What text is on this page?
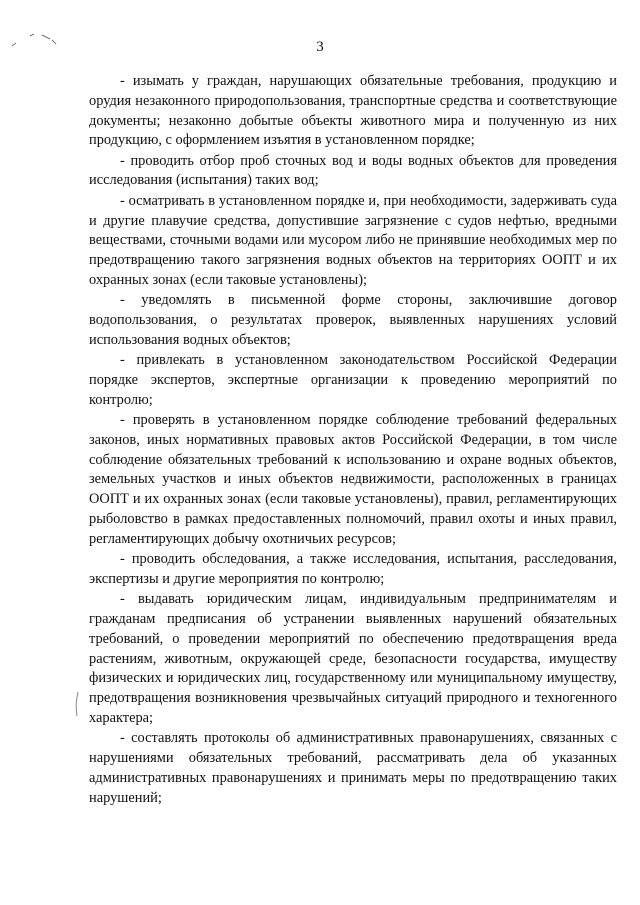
3

- изымать у граждан, нарушающих обязательные требования, продукцию и орудия незаконного природопользования, транспортные средства и соответствующие документы; незаконно добытые объекты животного мира и полученную из них продукцию, с оформлением изъятия в установленном порядке;

- проводить отбор проб сточных вод и воды водных объектов для проведения исследования (испытания) таких вод;

- осматривать в установленном порядке и, при необходимости, задерживать суда и другие плавучие средства, допустившие загрязнение с судов нефтью, вредными веществами, сточными водами или мусором либо не принявшие необходимых мер по предотвращению такого загрязнения водных объектов на территориях ООПТ и их охранных зонах (если таковые установлены);

- уведомлять в письменной форме стороны, заключившие договор водопользования, о результатах проверок, выявленных нарушениях условий использования водных объектов;

- привлекать в установленном законодательством Российской Федерации порядке экспертов, экспертные организации к проведению мероприятий по контролю;

- проверять в установленном порядке соблюдение требований федеральных законов, иных нормативных правовых актов Российской Федерации, в том числе соблюдение обязательных требований к использованию и охране водных объектов, земельных участков и иных объектов недвижимости, расположенных в границах ООПТ и их охранных зонах (если таковые установлены), правил, регламентирующих рыболовство в рамках предоставленных полномочий, правил охоты и иных правил, регламентирующих добычу охотничьих ресурсов;

- проводить обследования, а также исследования, испытания, расследования, экспертизы и другие мероприятия по контролю;

- выдавать юридическим лицам, индивидуальным предпринимателям и гражданам предписания об устранении выявленных нарушений обязательных требований, о проведении мероприятий по обеспечению предотвращения вреда растениям, животным, окружающей среде, безопасности государства, имуществу физических и юридических лиц, государственному или муниципальному имуществу, предотвращения возникновения чрезвычайных ситуаций природного и техногенного характера;

- составлять протоколы об административных правонарушениях, связанных с нарушениями обязательных требований, рассматривать дела об указанных административных правонарушениях и принимать меры по предотвращению таких нарушений;
